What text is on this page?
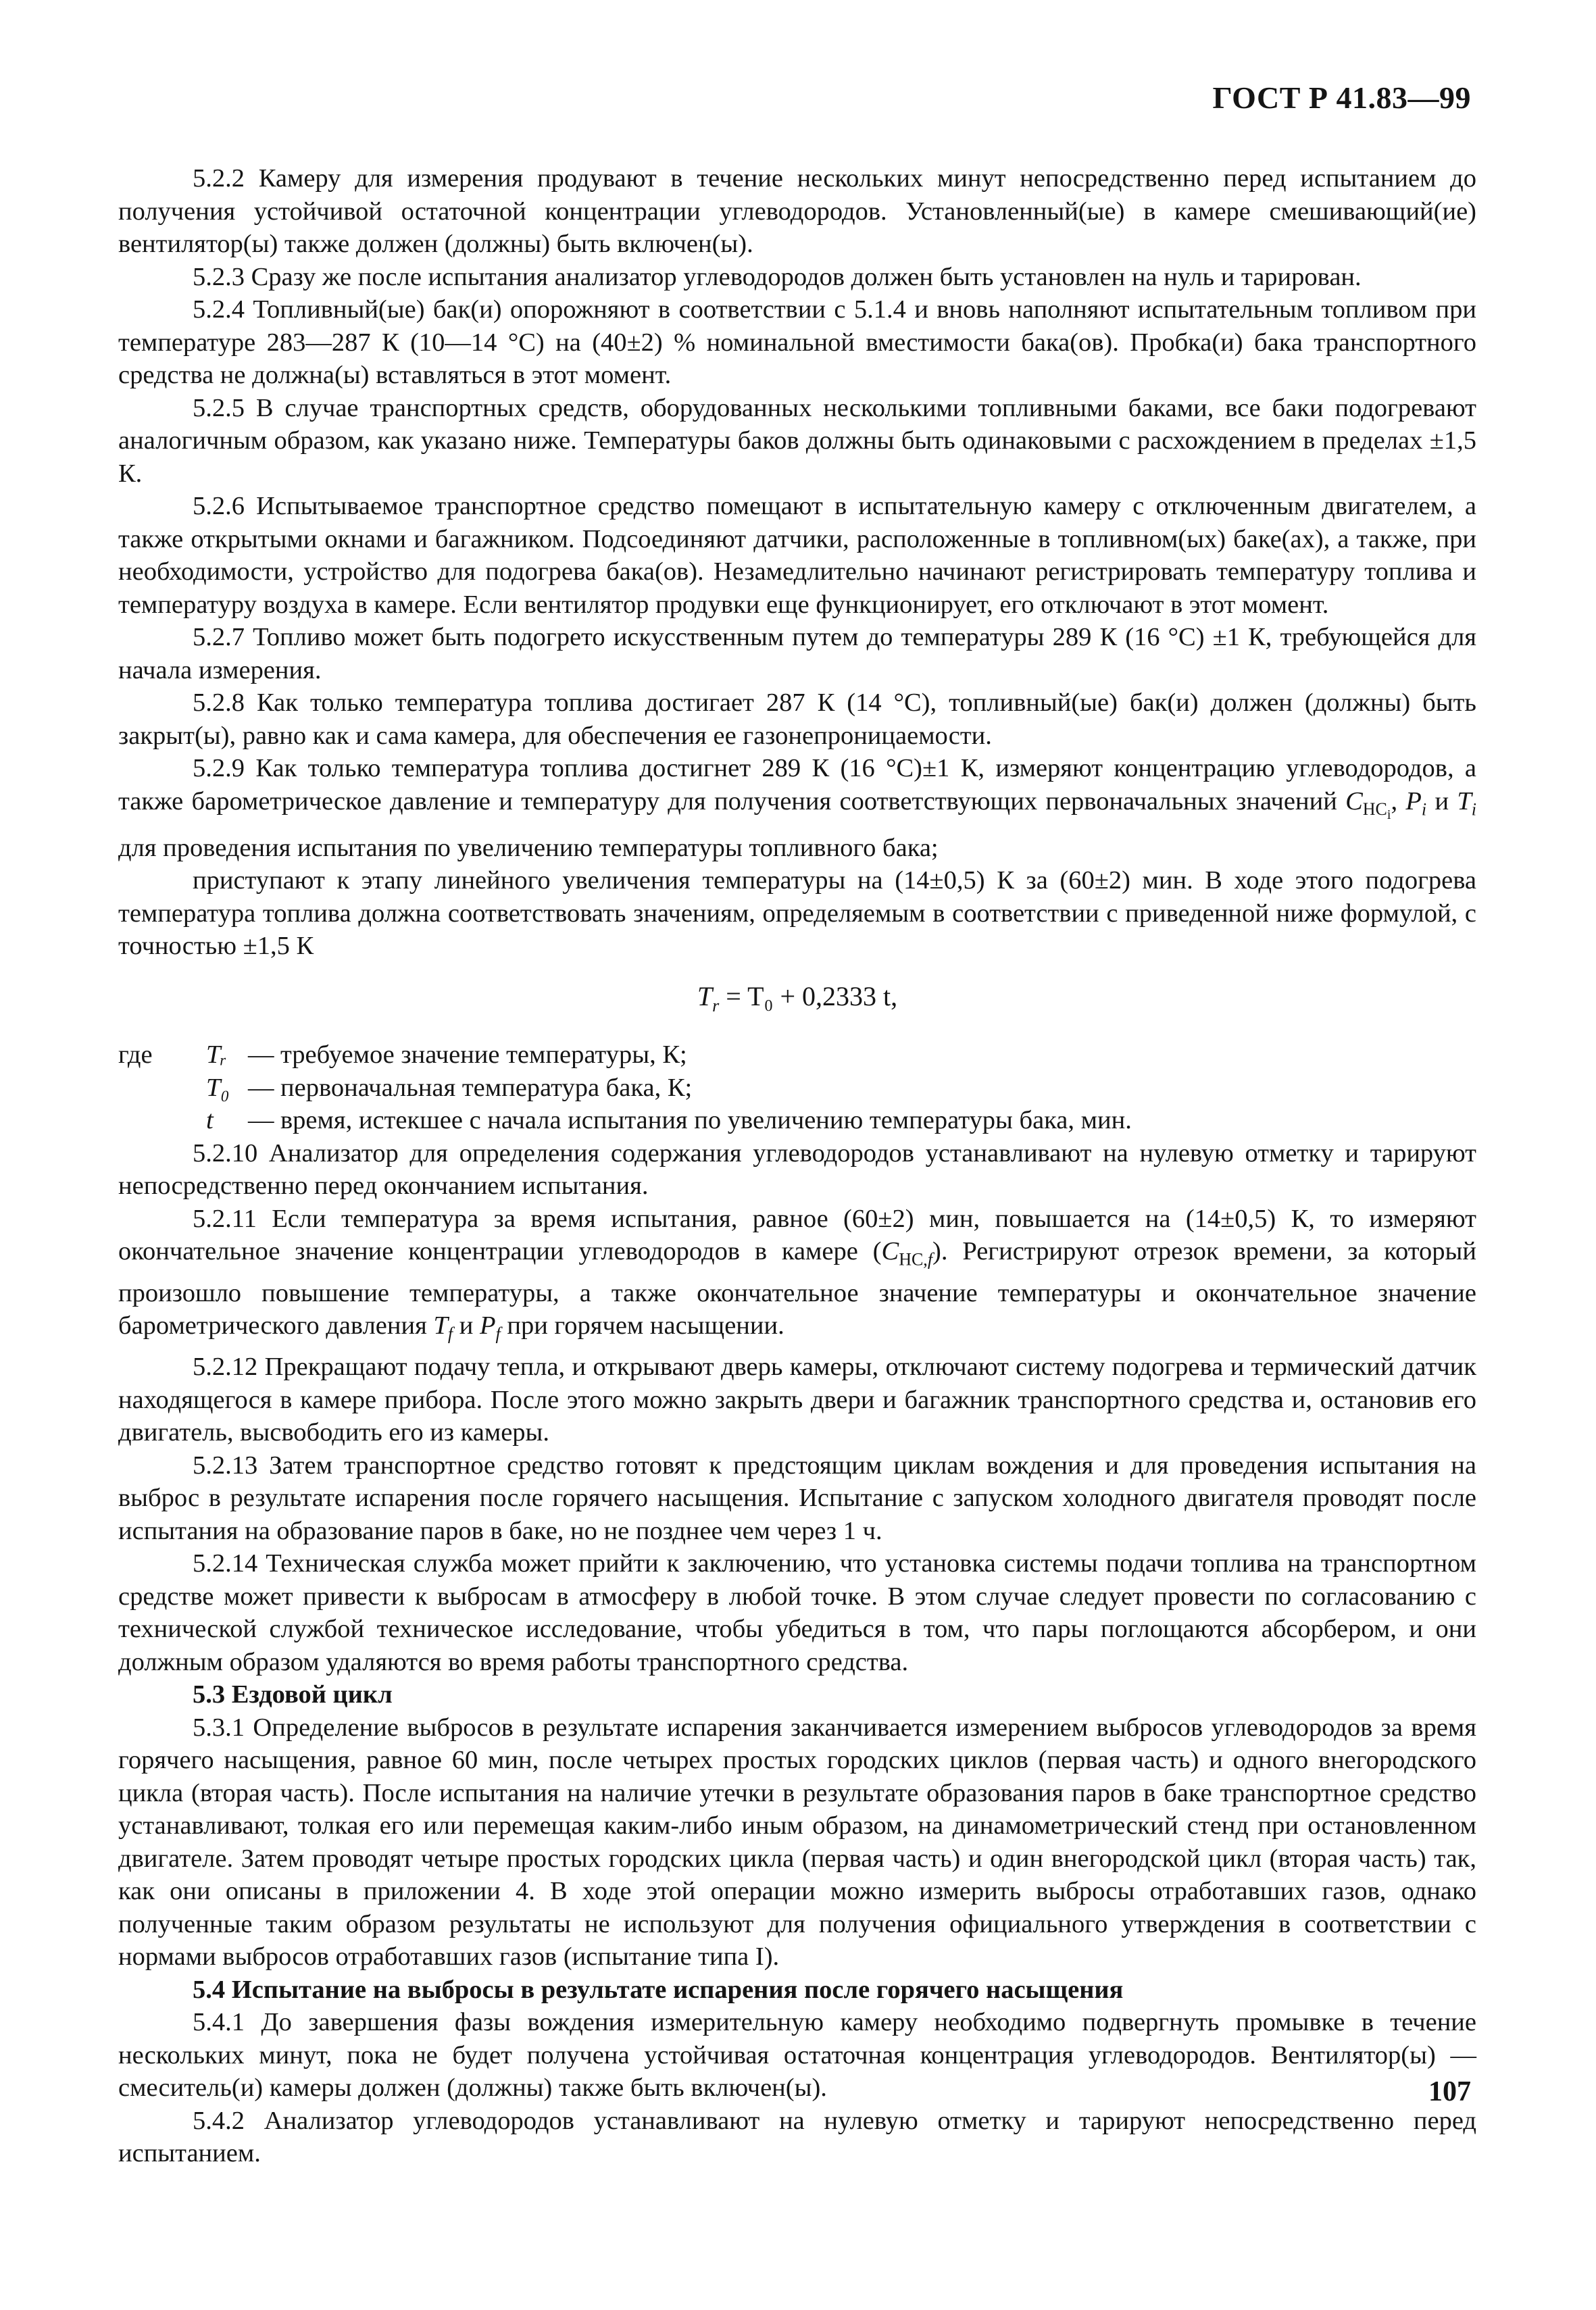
ГОСТ Р 41.83—99

5.2.2 Камеру для измерения продувают в течение нескольких минут непосредственно перед испытанием до получения устойчивой остаточной концентрации углеводородов. Установленный(ые) в камере смешивающий(ие) вентилятор(ы) также должен (должны) быть включен(ы).

5.2.3 Сразу же после испытания анализатор углеводородов должен быть установлен на нуль и тарирован.

5.2.4 Топливный(ые) бак(и) опорожняют в соответствии с 5.1.4 и вновь наполняют испытательным топливом при температуре 283—287 К (10—14 °С) на (40±2) % номинальной вместимости бака(ов). Пробка(и) бака транспортного средства не должна(ы) вставляться в этот момент.

5.2.5 В случае транспортных средств, оборудованных несколькими топливными баками, все баки подогревают аналогичным образом, как указано ниже. Температуры баков должны быть одинаковыми с расхождением в пределах ±1,5 К.

5.2.6 Испытываемое транспортное средство помещают в испытательную камеру с отключенным двигателем, а также открытыми окнами и багажником. Подсоединяют датчики, расположенные в топливном(ых) баке(ах), а также, при необходимости, устройство для подогрева бака(ов). Незамедлительно начинают регистрировать температуру топлива и температуру воздуха в камере. Если вентилятор продувки еще функционирует, его отключают в этот момент.

5.2.7 Топливо может быть подогрето искусственным путем до температуры 289 К (16 °С) ±1 К, требующейся для начала измерения.

5.2.8 Как только температура топлива достигает 287 К (14 °С), топливный(ые) бак(и) должен (должны) быть закрыт(ы), равно как и сама камера, для обеспечения ее газонепроницаемости.

5.2.9 Как только температура топлива достигнет 289 К (16 °С)±1 К, измеряют концентрацию углеводородов, а также барометрическое давление и температуру для получения соответствующих первоначальных значений $C_{HC_i}$, $P_i$ и $T_i$ для проведения испытания по увеличению температуры топливного бака;

приступают к этапу линейного увеличения температуры на (14±0,5) К за (60±2) мин. В ходе этого подогрева температура топлива должна соответствовать значениям, определяемым в соответствии с приведенной ниже формулой, с точностью ±1,5 К

$T_r = T_0 + 0,2333$ t,
где	Tᵣ — требуемое значение температуры, К;
T₀ — первоначальная температура бака, К;
t	— время, истекшее с начала испытания по увеличению температуры бака, мин.

5.2.10 Анализатор для определения содержания углеводородов устанавливают на нулевую отметку и тарируют непосредственно перед окончанием испытания.

5.2.11 Если температура за время испытания, равное (60±2) мин, повышается на (14±0,5) К, то измеряют окончательное значение концентрации углеводородов в камере $(C_{HC,f})$. Регистрируют отрезок времени, за который произошло повышение температуры, а также окончательное значение температуры и окончательное значение барометрического давления $T_f$ и $P_f$ при горячем насыщении.

5.2.12 Прекращают подачу тепла, и открывают дверь камеры, отключают систему подогрева и термический датчик находящегося в камере прибора. После этого можно закрыть двери и багажник транспортного средства и, остановив его двигатель, высвободить его из камеры.

5.2.13 Затем транспортное средство готовят к предстоящим циклам вождения и для проведения испытания на выброс в результате испарения после горячего насыщения. Испытание с запуском холодного двигателя проводят после испытания на образование паров в баке, но не позднее чем через 1 ч.

5.2.14 Техническая служба может прийти к заключению, что установка системы подачи топлива на транспортном средстве может привести к выбросам в атмосферу в любой точке. В этом случае следует провести по согласованию с технической службой техническое исследование, чтобы убедиться в том, что пары поглощаются абсорбером, и они должным образом удаляются во время работы транспортного средства.

5.3 Ездовой цикл

5.3.1 Определение выбросов в результате испарения заканчивается измерением выбросов углеводородов за время горячего насыщения, равное 60 мин, после четырех простых городских циклов (первая часть) и одного внегородского цикла (вторая часть). После испытания на наличие утечки в результате образования паров в баке транспортное средство устанавливают, толкая его или перемещая каким-либо иным образом, на динамометрический стенд при остановленном двигателе. Затем проводят четыре простых городских цикла (первая часть) и один внегородской цикл (вторая часть) так, как они описаны в приложении 4. В ходе этой операции можно измерить выбросы отработавших газов, однако полученные таким образом результаты не используют для получения официального утверждения в соответствии с нормами выбросов отработавших газов (испытание типа I).

5.4 Испытание на выбросы в результате испарения после горячего насыщения

5.4.1 До завершения фазы вождения измерительную камеру необходимо подвергнуть промывке в течение нескольких минут, пока не будет получена устойчивая остаточная концентрация углеводородов. Вентилятор(ы) — смеситель(и) камеры должен (должны) также быть включен(ы).

5.4.2 Анализатор углеводородов устанавливают на нулевую отметку и тарируют непосредственно перед испытанием.

107
